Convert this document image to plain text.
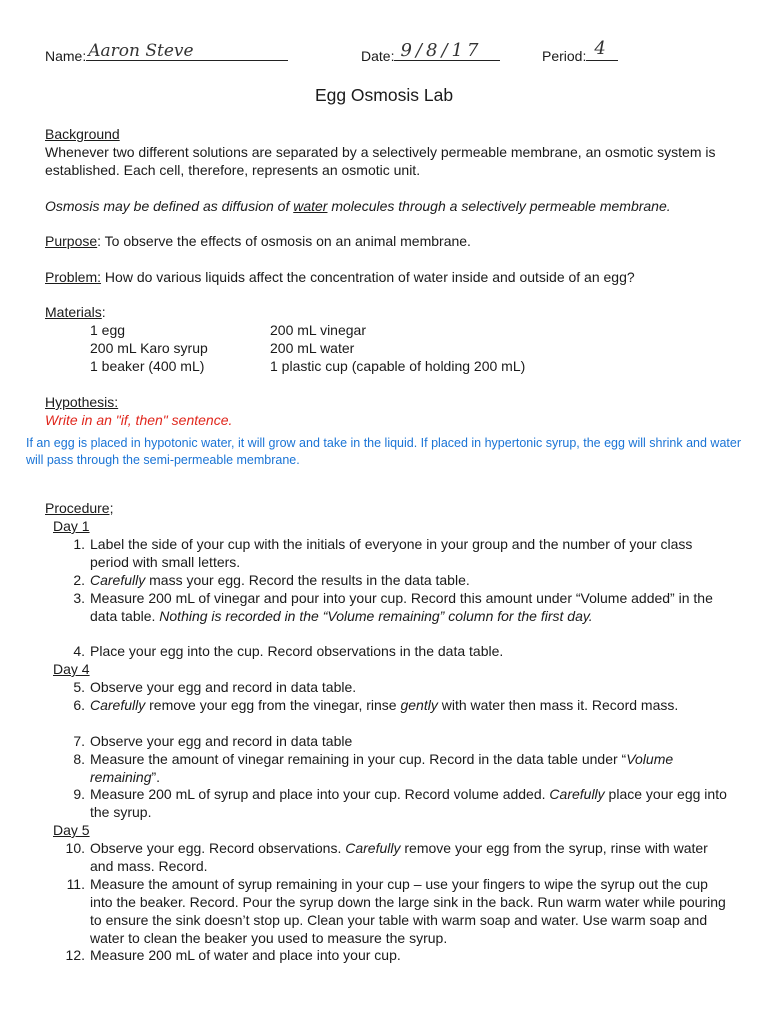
Name: Aaron Steve	Date: 9/8/17	Period: 4
Egg Osmosis Lab
Background
Whenever two different solutions are separated by a selectively permeable membrane, an osmotic system is established. Each cell, therefore, represents an osmotic unit.
Osmosis may be defined as diffusion of water molecules through a selectively permeable membrane.
Purpose: To observe the effects of osmosis on an animal membrane.
Problem: How do various liquids affect the concentration of water inside and outside of an egg?
Materials:
1 egg	200 mL vinegar
200 mL Karo syrup	200 mL water
1 beaker (400 mL)	1 plastic cup (capable of holding 200 mL)
Hypothesis:
Write in an "if, then" sentence.
If an egg is placed in hypotonic water, it will grow and take in the liquid. If placed in hypertonic syrup, the egg will shrink and water will pass through the semi-permeable membrane.
Procedure;
Day 1
1. Label the side of your cup with the initials of everyone in your group and the number of your class period with small letters.
2. Carefully mass your egg. Record the results in the data table.
3. Measure 200 mL of vinegar and pour into your cup. Record this amount under “Volume added” in the data table. Nothing is recorded in the “Volume remaining” column for the first day.
4. Place your egg into the cup. Record observations in the data table.
Day 4
5. Observe your egg and record in data table.
6. Carefully remove your egg from the vinegar, rinse gently with water then mass it. Record mass.
7. Observe your egg and record in data table
8. Measure the amount of vinegar remaining in your cup. Record in the data table under “Volume remaining”.
9. Measure 200 mL of syrup and place into your cup. Record volume added. Carefully place your egg into the syrup.
Day 5
10. Observe your egg. Record observations. Carefully remove your egg from the syrup, rinse with water and mass. Record.
11. Measure the amount of syrup remaining in your cup – use your fingers to wipe the syrup out the cup into the beaker. Record. Pour the syrup down the large sink in the back. Run warm water while pouring to ensure the sink doesn’t stop up. Clean your table with warm soap and water. Use warm soap and water to clean the beaker you used to measure the syrup.
12. Measure 200 mL of water and place into your cup.
